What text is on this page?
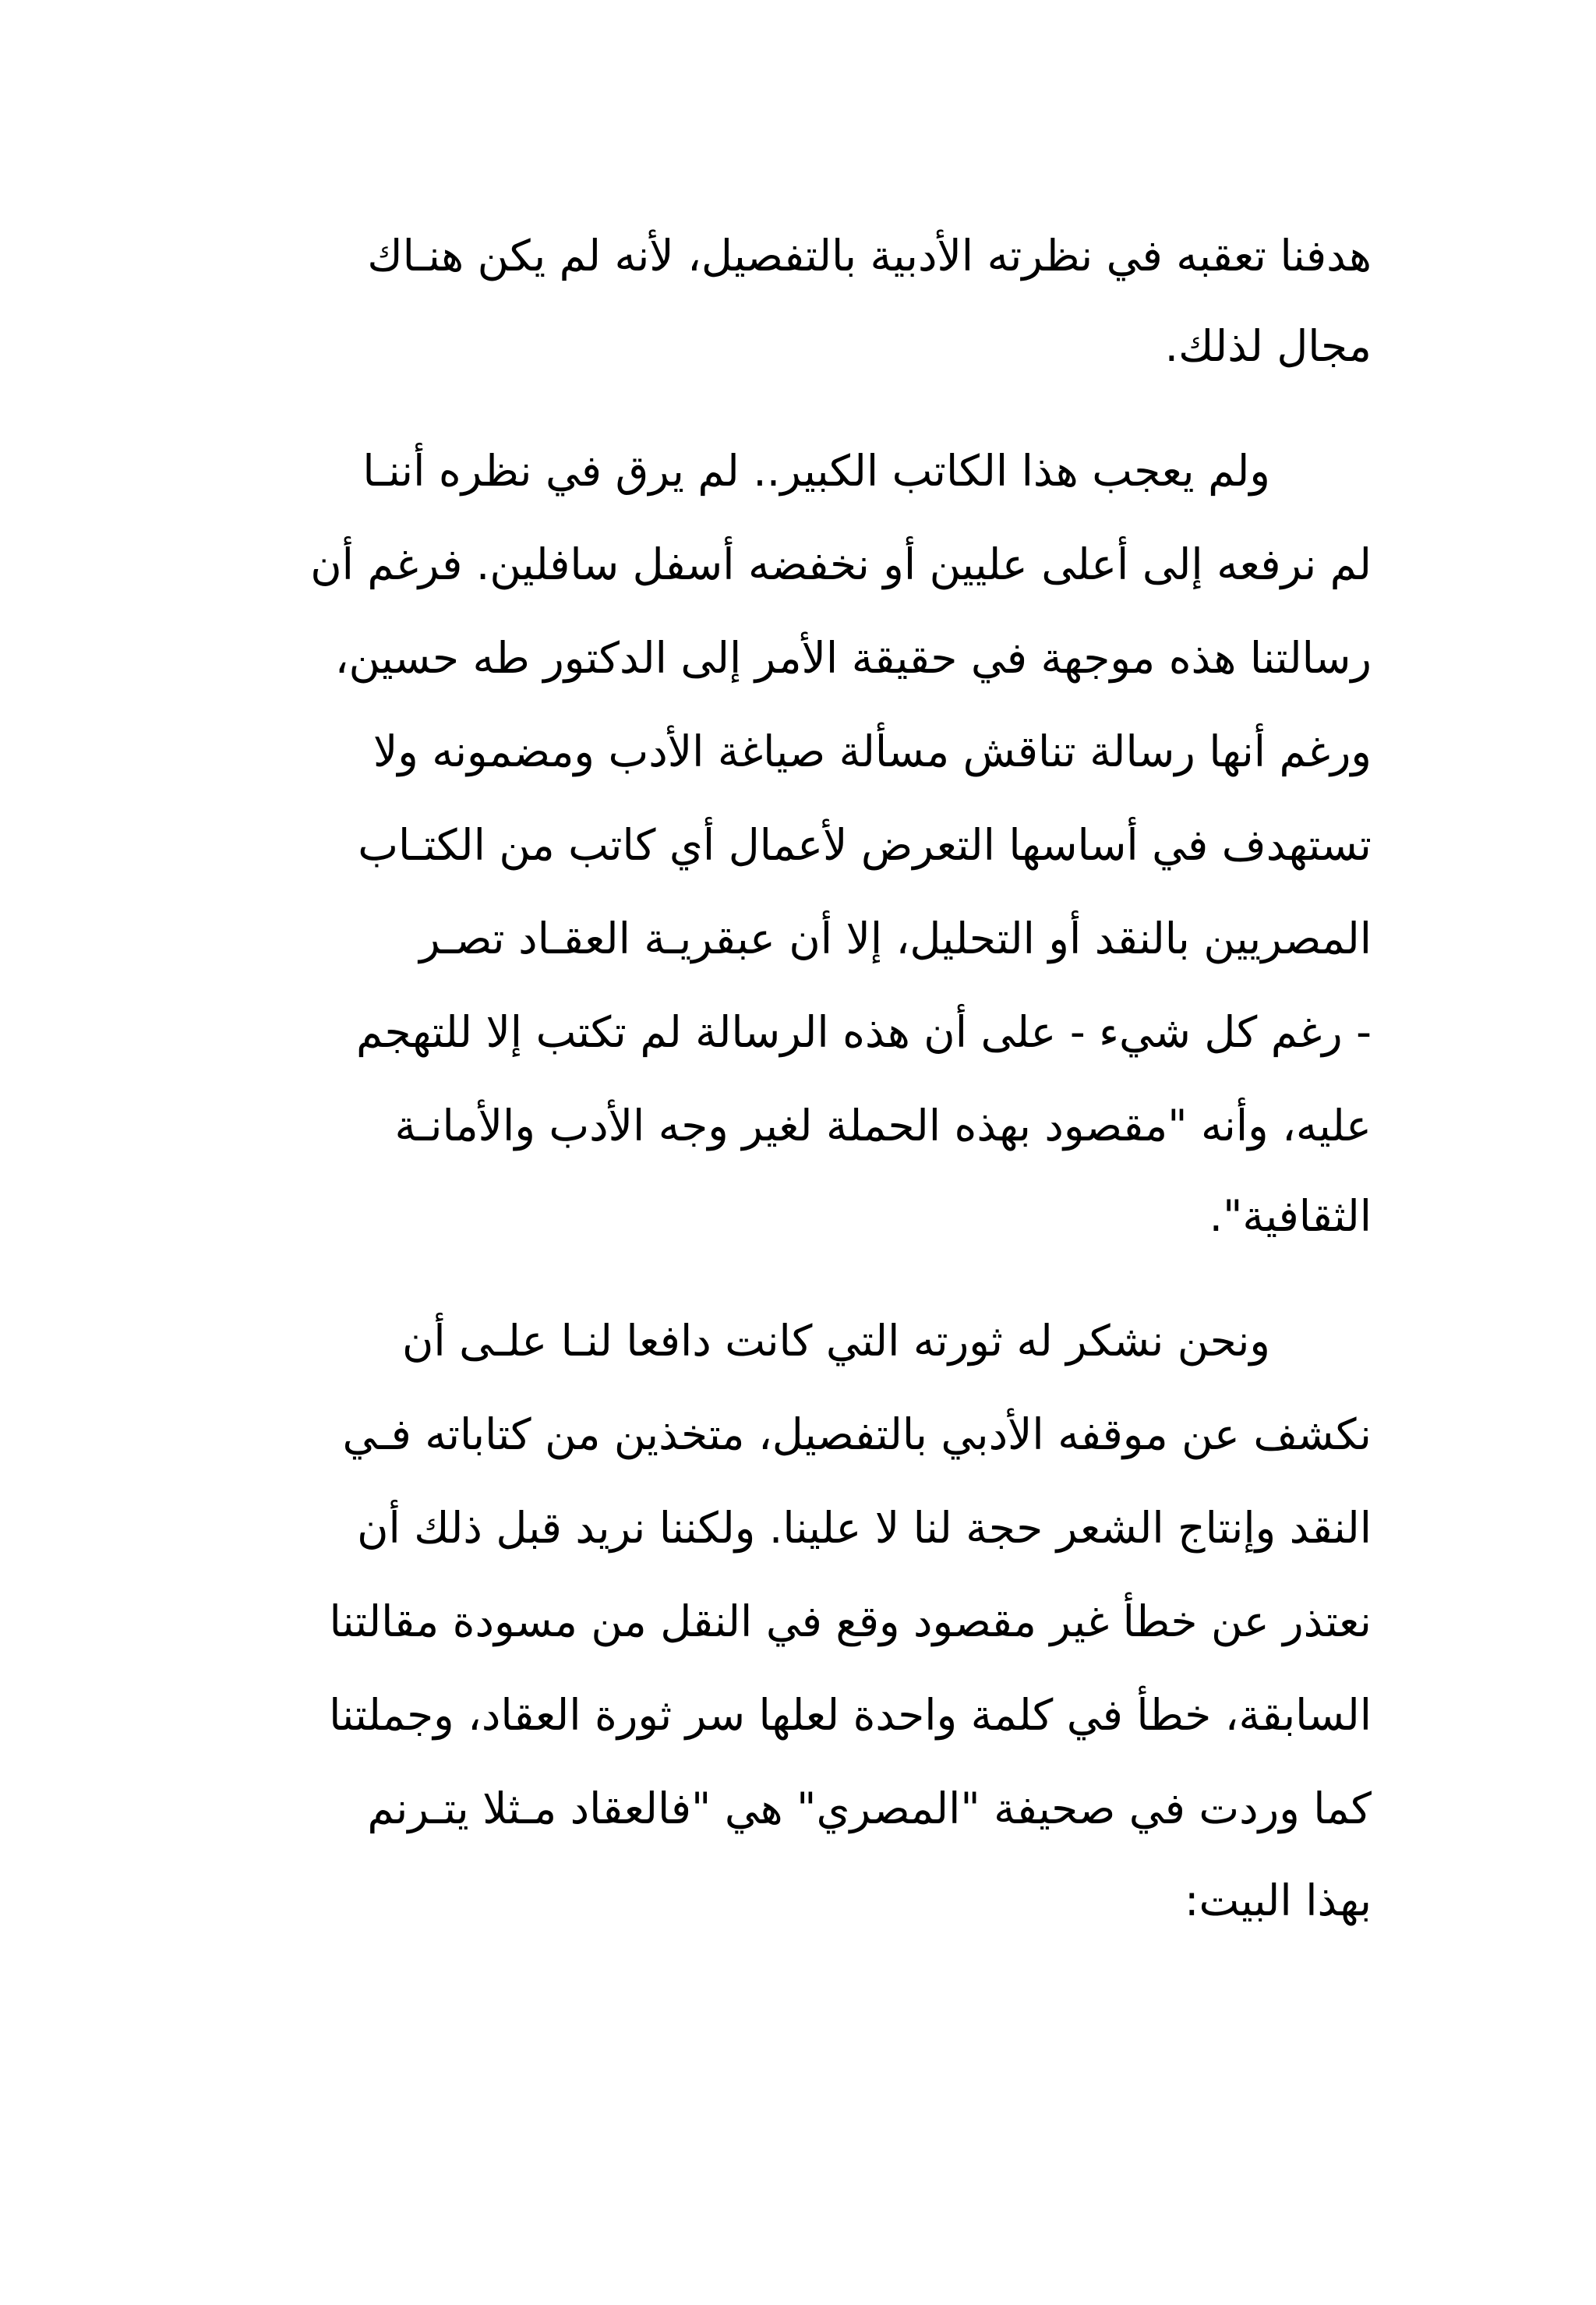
هدفنا تعقبه في نظرته الأدبية بالتفصيل، لأنه لم يكن هنـاك
مجال لذلك.
ولم يعجب هذا الكاتب الكبير.. لم يرق في نظره أننـا
لم نرفعه إلى أعلى عليين أو نخفضه أسفل سافلين. فرغم أن
رسالتنا هذه موجهة في حقيقة الأمر إلى الدكتور طه حسين،
ورغم أنها رسالة تناقش مسألة صياغة الأدب ومضمونه ولا
تستهدف في أساسها التعرض لأعمال أي كاتب من الكتـاب
المصريين بالنقد أو التحليل، إلا أن عبقريـة العقـاد تصـر
- رغم كل شيء - على أن هذه الرسالة لم تكتب إلا للتهجم
عليه، وأنه "مقصود بهذه الحملة لغير وجه الأدب والأمانـة
الثقافية".
ونحن نشكر له ثورته التي كانت دافعا لنـا علـى أن
نكشف عن موقفه الأدبي بالتفصيل، متخذين من كتاباته فـي
النقد وإنتاج الشعر حجة لنا لا علينا. ولكننا نريد قبل ذلك أن
نعتذر عن خطأ غير مقصود وقع في النقل من مسودة مقالتنا
السابقة، خطأ في كلمة واحدة لعلها سر ثورة العقاد، وجملتنا
كما وردت في صحيفة "المصري" هي "فالعقاد مـثلا يتـرنم
بهذا البيت:
